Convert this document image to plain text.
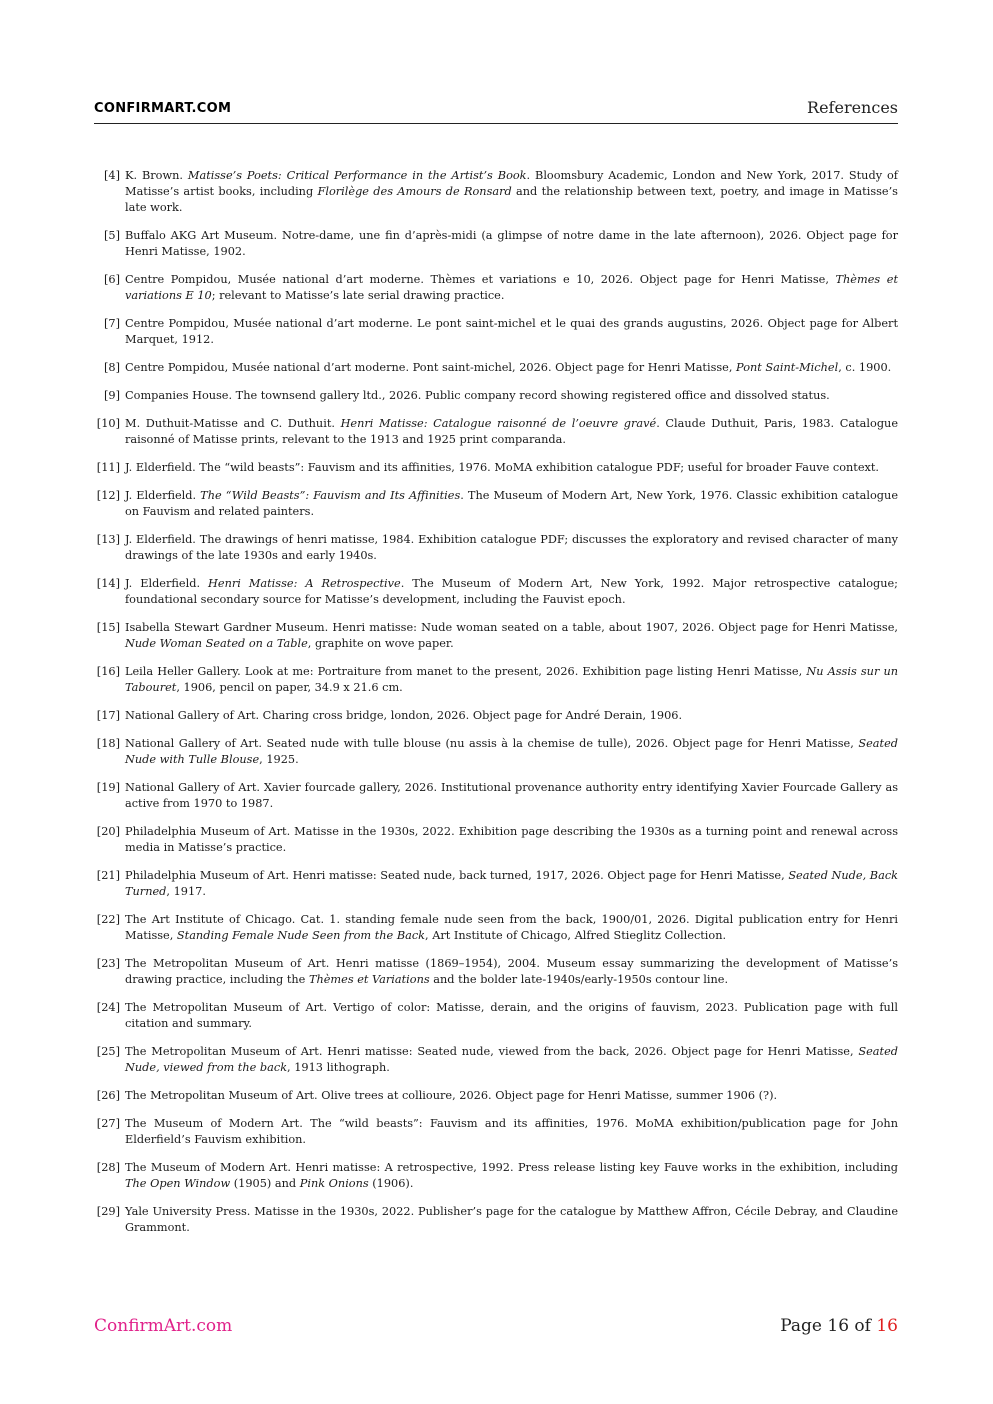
CONFIRMART.COM	References
[4] K. Brown. Matisse’s Poets: Critical Performance in the Artist’s Book. Bloomsbury Academic, London and New York, 2017. Study of Matisse’s artist books, including Florilège des Amours de Ronsard and the relationship between text, poetry, and image in Matisse’s late work.
[5] Buffalo AKG Art Museum. Notre-dame, une fin d’après-midi (a glimpse of notre dame in the late afternoon), 2026. Object page for Henri Matisse, 1902.
[6] Centre Pompidou, Musée national d’art moderne. Thèmes et variations e 10, 2026. Object page for Henri Matisse, Thèmes et variations E 10; relevant to Matisse’s late serial drawing practice.
[7] Centre Pompidou, Musée national d’art moderne. Le pont saint-michel et le quai des grands augustins, 2026. Object page for Albert Marquet, 1912.
[8] Centre Pompidou, Musée national d’art moderne. Pont saint-michel, 2026. Object page for Henri Matisse, Pont Saint-Michel, c. 1900.
[9] Companies House. The townsend gallery ltd., 2026. Public company record showing registered office and dissolved status.
[10] M. Duthuit-Matisse and C. Duthuit. Henri Matisse: Catalogue raisonné de l’oeuvre gravé. Claude Duthuit, Paris, 1983. Catalogue raisonné of Matisse prints, relevant to the 1913 and 1925 print comparanda.
[11] J. Elderfield. The “wild beasts”: Fauvism and its affinities, 1976. MoMA exhibition catalogue PDF; useful for broader Fauve context.
[12] J. Elderfield. The “Wild Beasts”: Fauvism and Its Affinities. The Museum of Modern Art, New York, 1976. Classic exhibition catalogue on Fauvism and related painters.
[13] J. Elderfield. The drawings of henri matisse, 1984. Exhibition catalogue PDF; discusses the exploratory and revised character of many drawings of the late 1930s and early 1940s.
[14] J. Elderfield. Henri Matisse: A Retrospective. The Museum of Modern Art, New York, 1992. Major retrospective catalogue; foundational secondary source for Matisse’s development, including the Fauvist epoch.
[15] Isabella Stewart Gardner Museum. Henri matisse: Nude woman seated on a table, about 1907, 2026. Object page for Henri Matisse, Nude Woman Seated on a Table, graphite on wove paper.
[16] Leila Heller Gallery. Look at me: Portraiture from manet to the present, 2026. Exhibition page listing Henri Matisse, Nu Assis sur un Tabouret, 1906, pencil on paper, 34.9 x 21.6 cm.
[17] National Gallery of Art. Charing cross bridge, london, 2026. Object page for André Derain, 1906.
[18] National Gallery of Art. Seated nude with tulle blouse (nu assis à la chemise de tulle), 2026. Object page for Henri Matisse, Seated Nude with Tulle Blouse, 1925.
[19] National Gallery of Art. Xavier fourcade gallery, 2026. Institutional provenance authority entry identifying Xavier Fourcade Gallery as active from 1970 to 1987.
[20] Philadelphia Museum of Art. Matisse in the 1930s, 2022. Exhibition page describing the 1930s as a turning point and renewal across media in Matisse’s practice.
[21] Philadelphia Museum of Art. Henri matisse: Seated nude, back turned, 1917, 2026. Object page for Henri Matisse, Seated Nude, Back Turned, 1917.
[22] The Art Institute of Chicago. Cat. 1. standing female nude seen from the back, 1900/01, 2026. Digital publication entry for Henri Matisse, Standing Female Nude Seen from the Back, Art Institute of Chicago, Alfred Stieglitz Collection.
[23] The Metropolitan Museum of Art. Henri matisse (1869–1954), 2004. Museum essay summarizing the development of Matisse’s drawing practice, including the Thèmes et Variations and the bolder late-1940s/early-1950s contour line.
[24] The Metropolitan Museum of Art. Vertigo of color: Matisse, derain, and the origins of fauvism, 2023. Publication page with full citation and summary.
[25] The Metropolitan Museum of Art. Henri matisse: Seated nude, viewed from the back, 2026. Object page for Henri Matisse, Seated Nude, viewed from the back, 1913 lithograph.
[26] The Metropolitan Museum of Art. Olive trees at collioure, 2026. Object page for Henri Matisse, summer 1906 (?).
[27] The Museum of Modern Art. The “wild beasts”: Fauvism and its affinities, 1976. MoMA exhibition/publication page for John Elderfield’s Fauvism exhibition.
[28] The Museum of Modern Art. Henri matisse: A retrospective, 1992. Press release listing key Fauve works in the exhibition, including The Open Window (1905) and Pink Onions (1906).
[29] Yale University Press. Matisse in the 1930s, 2022. Publisher’s page for the catalogue by Matthew Affron, Cécile Debray, and Claudine Grammont.
ConfirmArt.com	Page 16 of 16
